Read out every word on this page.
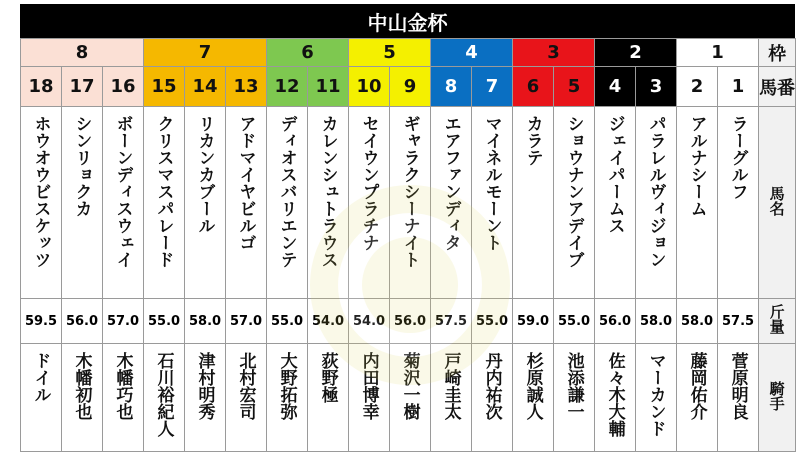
中山金杯
8			7			6		5		4		3		2		1		枠
18	17	16	15	14	13	12	11	10	9	8	7	6	5	4	3	2	1	馬番
ホウオウビスケッツ	シンリョクカ	ボーンディスウェイ	クリスマスパレード	リカンカブール	アドマイヤビルゴ	ディオスバリエンテ	カレンシュトラウス	セイウンプラチナ	ギャラクシーナイト	エアファンディタ	マイネルモーント	カラテ	ショウナンアデイブ	ジェイパームス	パラレルヴィジョン	アルナシーム	ラーグルフ	馬名
59.5	56.0	57.0	55.0	58.0	57.0	55.0	54.0	54.0	56.0	57.5	55.0	59.0	55.0	56.0	58.0	58.0	57.5	斤量
ドイル	木幡初也	木幡巧也	石川裕紀人	津村明秀	北村宏司	大野拓弥	荻野極	内田博幸	菊沢一樹	戸崎圭太	丹内祐次	杉原誠人	池添謙一	佐々木大輔	マーカンド	藤岡佑介	菅原明良	騎手
